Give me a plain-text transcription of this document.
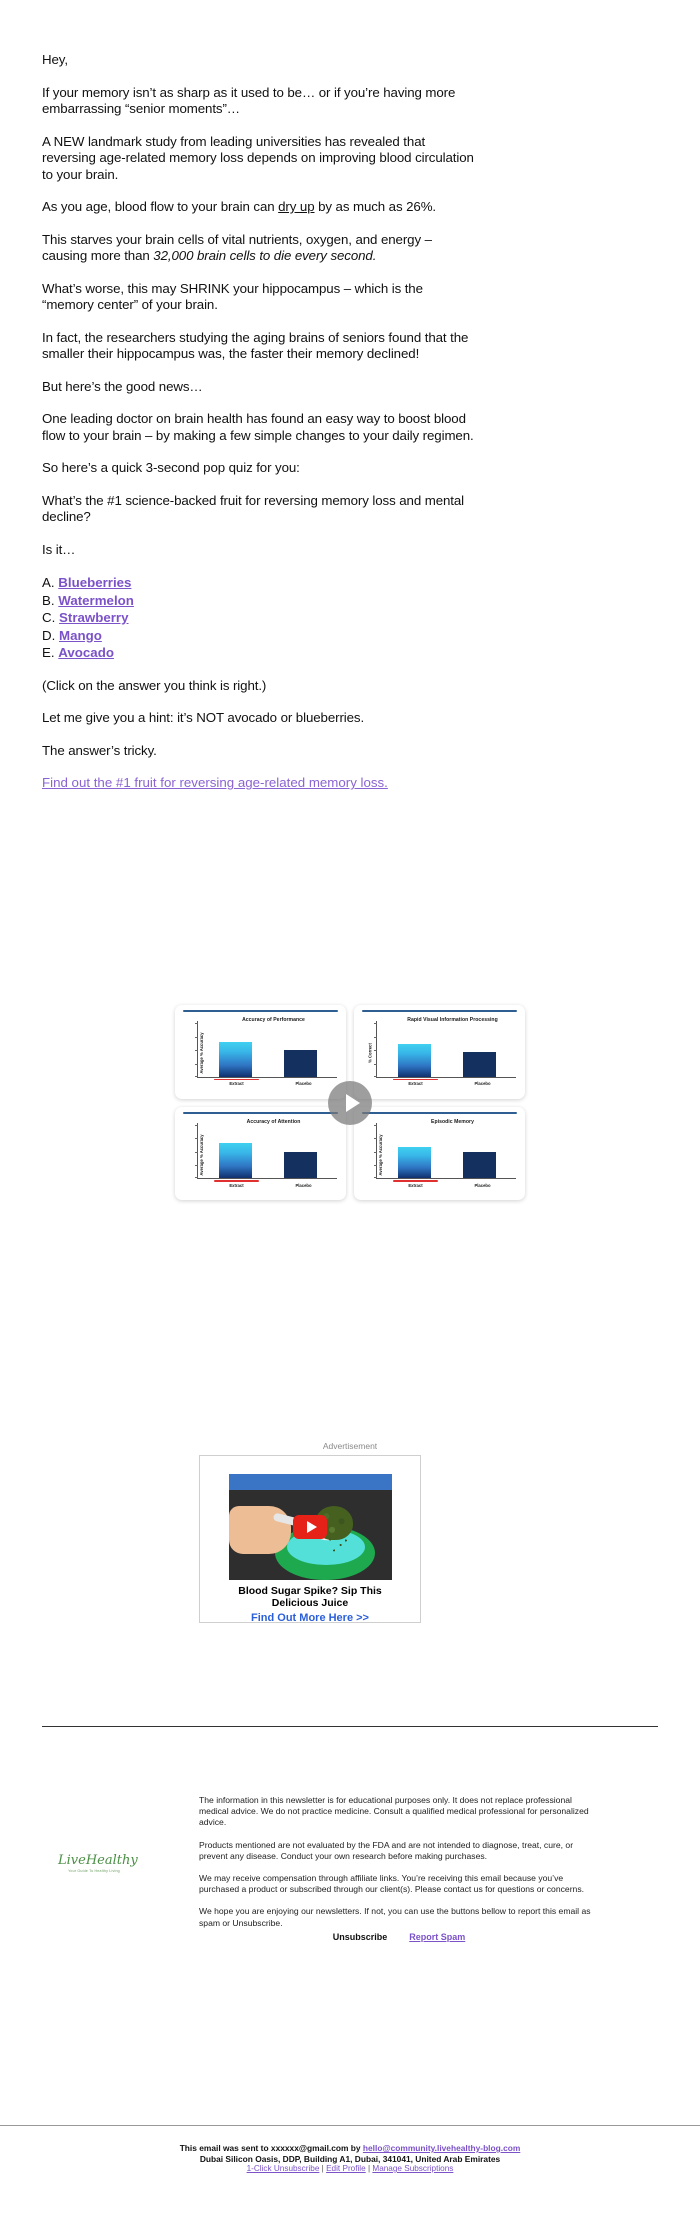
Hey,

If your memory isn’t as sharp as it used to be… or if you’re having more embarrassing “senior moments”…

A NEW landmark study from leading universities has revealed that reversing age-related memory loss depends on improving blood circulation to your brain.

As you age, blood flow to your brain can dry up by as much as 26%.

This starves your brain cells of vital nutrients, oxygen, and energy – causing more than 32,000 brain cells to die every second.

What’s worse, this may SHRINK your hippocampus – which is the “memory center” of your brain.

In fact, the researchers studying the aging brains of seniors found that the smaller their hippocampus was, the faster their memory declined!

But here’s the good news…

One leading doctor on brain health has found an easy way to boost blood flow to your brain – by making a few simple changes to your daily regimen.

So here’s a quick 3-second pop quiz for you:

What’s the #1 science-backed fruit for reversing memory loss and mental decline?

Is it…

A. Blueberries
B. Watermelon
C. Strawberry
D. Mango
E. Avocado

(Click on the answer you think is right.)

Let me give you a hint: it’s NOT avocado or blueberries.

The answer’s tricky.

Find out the #1 fruit for reversing age-related memory loss.

Accuracy of Performance
Average % Accuracy
Extract	Placebo
Rapid Visual Information Processing
% Correct
Extract	Placebo
Accuracy of Attention
Average % Accuracy
Extract	Placebo
Episodic Memory
Average % Accuracy
Extract	Placebo
Advertisement
Blood Sugar Spike? Sip This
Delicious Juice
Find Out More Here >>
LiveHealthy
Your Guide To Healthy Living

The information in this newsletter is for educational purposes only. It does not replace professional medical advice. We do not practice medicine. Consult a qualified medical professional for personalized advice.

Products mentioned are not evaluated by the FDA and are not intended to diagnose, treat, cure, or prevent any disease. Conduct your own research before making purchases.

We may receive compensation through affiliate links. You’re receiving this email because you’ve purchased a product or subscribed through our client(s). Please contact us for questions or concerns.

We hope you are enjoying our newsletters. If not, you can use the buttons bellow to report this email as spam or Unsubscribe.

Unsubscribe Report Spam
This email was sent to xxxxxx@gmail.com by hello@community.livehealthy-blog.com
Dubai Silicon Oasis, DDP, Building A1, Dubai, 341041, United Arab Emirates
1-Click Unsubscribe | Edit Profile | Manage Subscriptions
